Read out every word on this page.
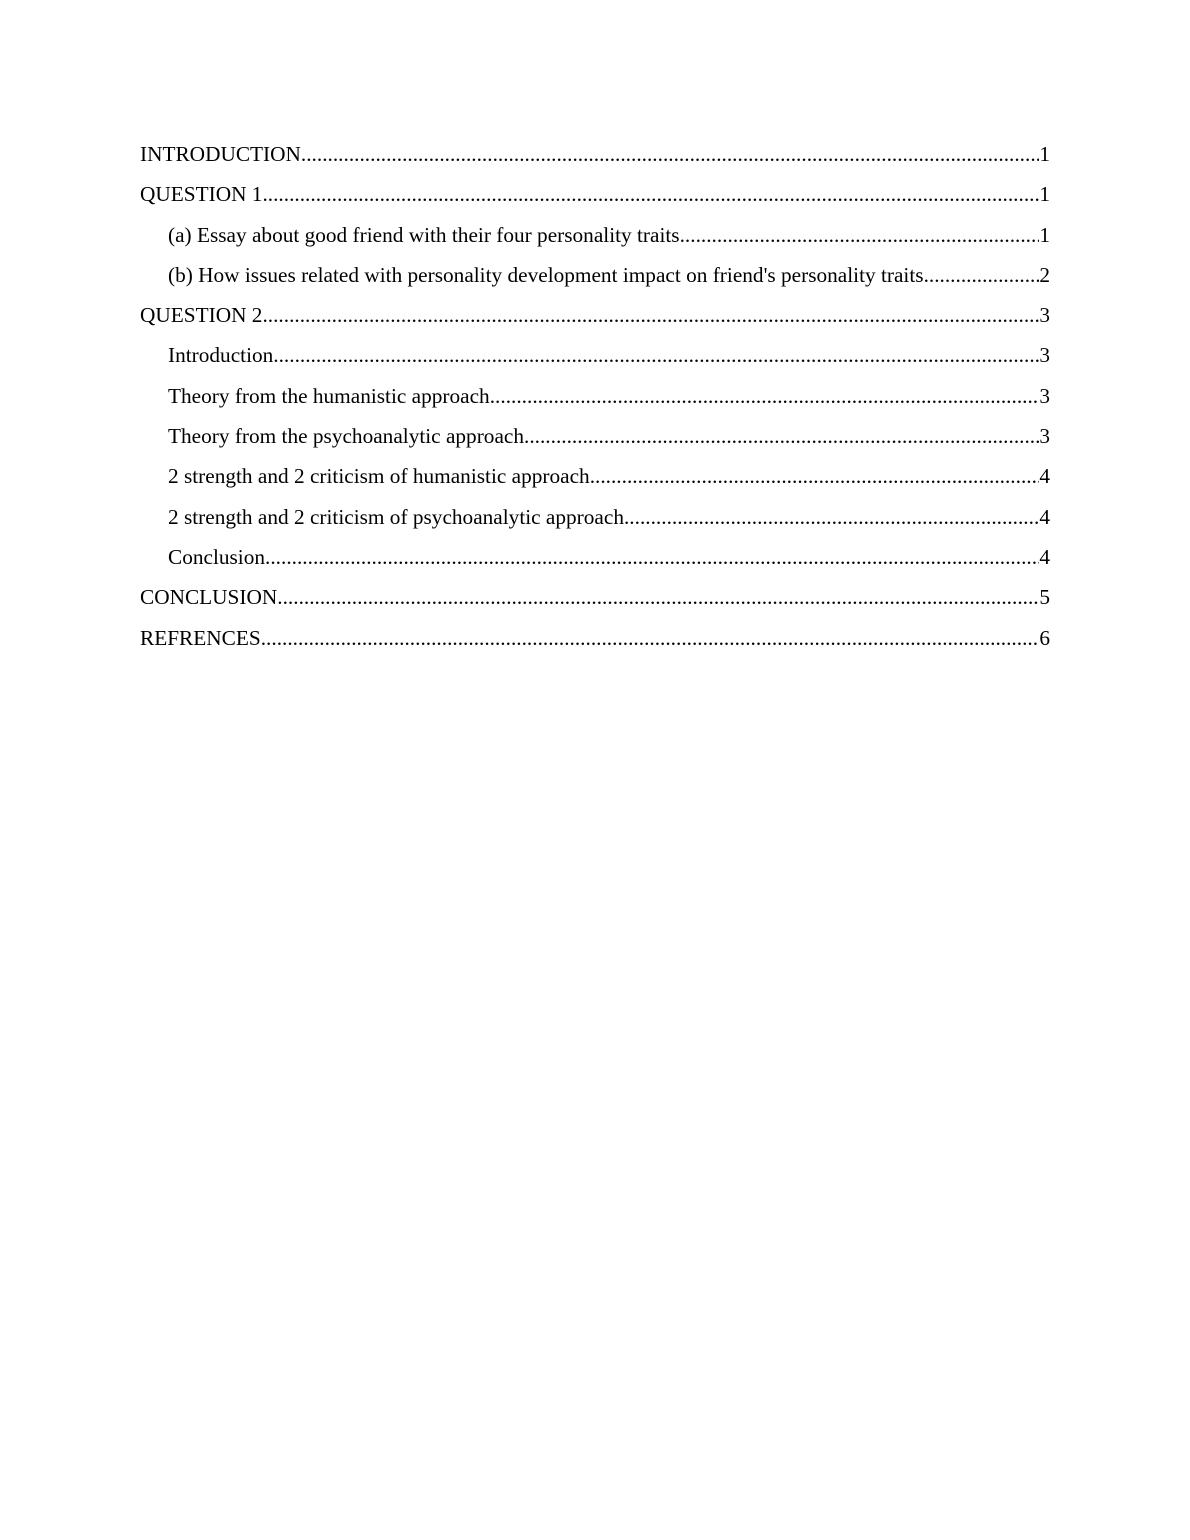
INTRODUCTION .....	1
QUESTION 1 .....	1
(a) Essay about good friend with their four personality traits .....	1
(b) How issues related with personality development impact on friend's personality traits .....	2
QUESTION 2 .....	3
Introduction .....	3
Theory from the humanistic approach .....	3
Theory from the psychoanalytic approach .....	3
2 strength and 2 criticism of humanistic approach .....	4
2 strength and 2 criticism of psychoanalytic approach .....	4
Conclusion .....	4
CONCLUSION .....	5
REFRENCES .....	6
